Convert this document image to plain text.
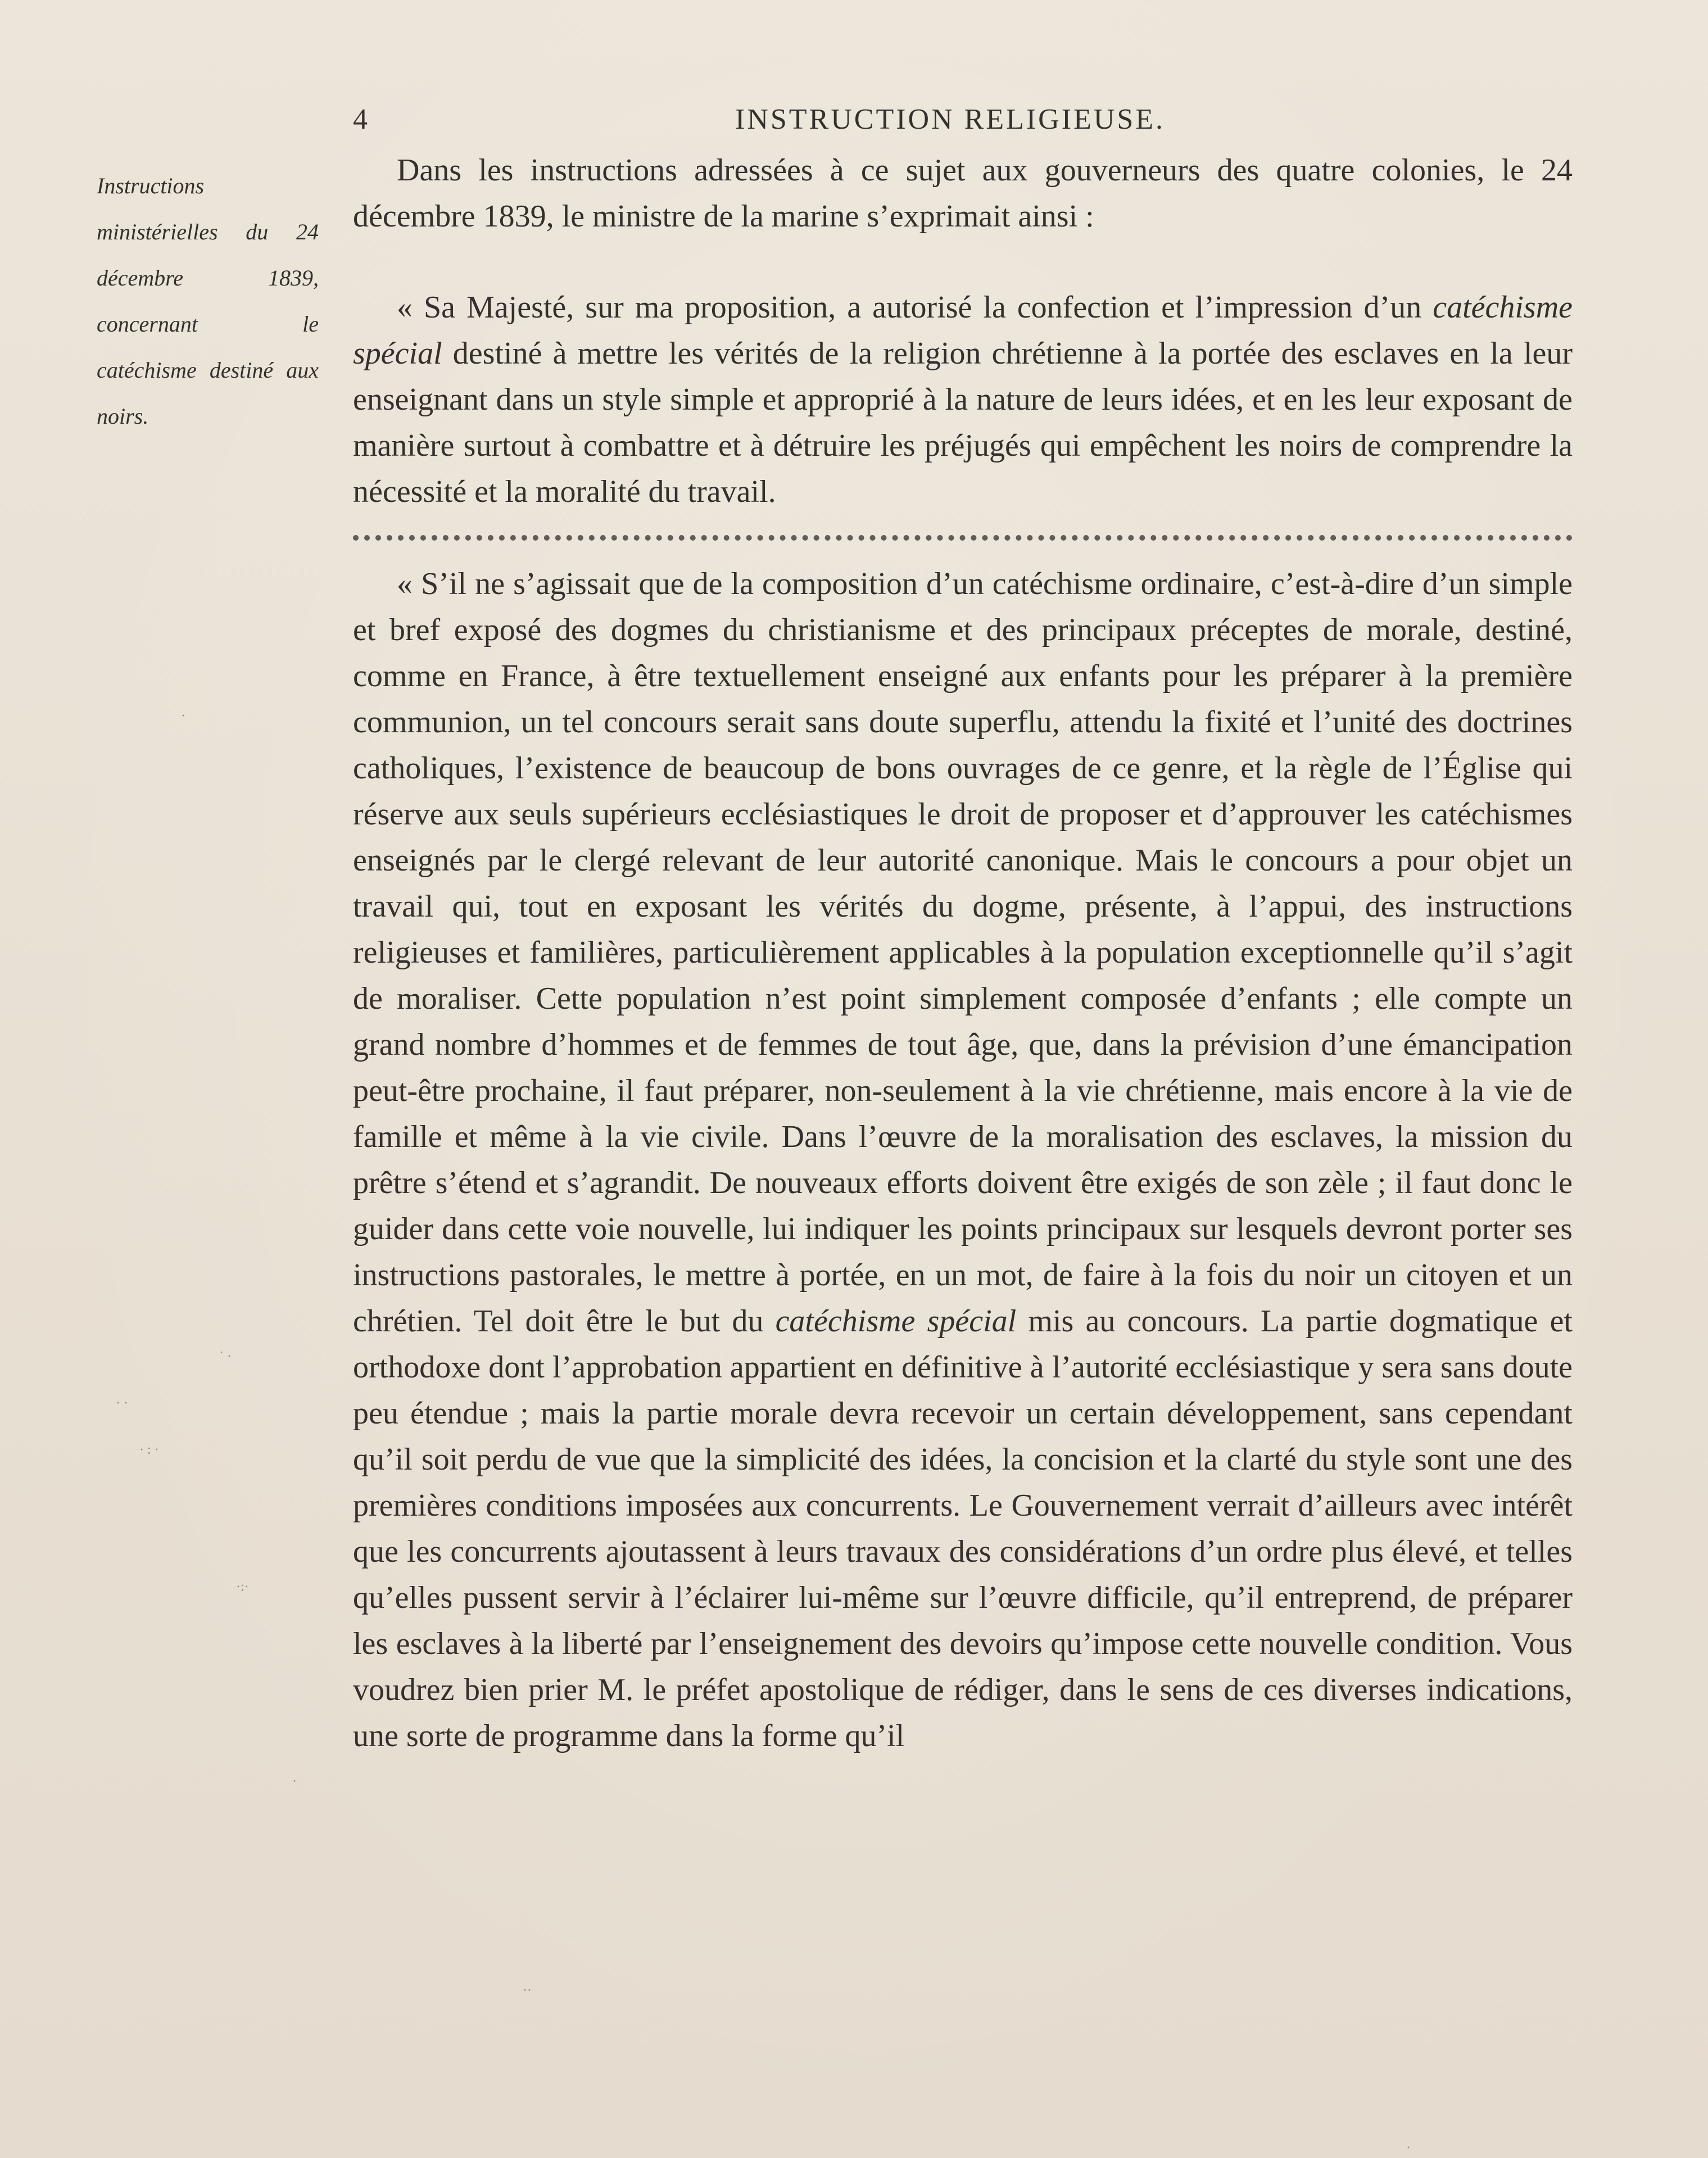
4	INSTRUCTION RELIGIEUSE.
Instructions ministérielles du 24 décembre 1839, concernant le catéchisme destiné aux noirs.

Dans les instructions adressées à ce sujet aux gouverneurs des quatre colonies, le 24 décembre 1839, le ministre de la marine s’exprimait ainsi :

« Sa Majesté, sur ma proposition, a autorisé la confection et l’impression d’un catéchisme spécial destiné à mettre les vérités de la religion chrétienne à la portée des esclaves en la leur enseignant dans un style simple et approprié à la nature de leurs idées, et en les leur exposant de manière surtout à combattre et à détruire les préjugés qui empêchent les noirs de comprendre la nécessité et la moralité du travail.

« S’il ne s’agissait que de la composition d’un catéchisme ordinaire, c’est-à-dire d’un simple et bref exposé des dogmes du christianisme et des principaux préceptes de morale, destiné, comme en France, à être textuellement enseigné aux enfants pour les préparer à la première communion, un tel concours serait sans doute superflu, attendu la fixité et l’unité des doctrines catholiques, l’existence de beaucoup de bons ouvrages de ce genre, et la règle de l’Église qui réserve aux seuls supérieurs ecclésiastiques le droit de proposer et d’approuver les catéchismes enseignés par le clergé relevant de leur autorité canonique. Mais le concours a pour objet un travail qui, tout en exposant les vérités du dogme, présente, à l’appui, des instructions religieuses et familières, particulièrement applicables à la population exceptionnelle qu’il s’agit de moraliser. Cette population n’est point simplement composée d’enfants ; elle compte un grand nombre d’hommes et de femmes de tout âge, que, dans la prévision d’une émancipation peut-être prochaine, il faut préparer, non-seulement à la vie chrétienne, mais encore à la vie de famille et même à la vie civile. Dans l’œuvre de la moralisation des esclaves, la mission du prêtre s’étend et s’agrandit. De nouveaux efforts doivent être exigés de son zèle ; il faut donc le guider dans cette voie nouvelle, lui indiquer les points principaux sur lesquels devront porter ses instructions pastorales, le mettre à portée, en un mot, de faire à la fois du noir un citoyen et un chrétien. Tel doit être le but du catéchisme spécial mis au concours. La partie dogmatique et orthodoxe dont l’approbation appartient en définitive à l’autorité ecclésiastique y sera sans doute peu étendue ; mais la partie morale devra recevoir un certain développement, sans cependant qu’il soit perdu de vue que la simplicité des idées, la concision et la clarté du style sont une des premières conditions imposées aux concurrents. Le Gouvernement verrait d’ailleurs avec intérêt que les concurrents ajoutassent à leurs travaux des considérations d’un ordre plus élevé, et telles qu’elles pussent servir à l’éclairer lui-même sur l’œuvre difficile, qu’il entreprend, de préparer les esclaves à la liberté par l’enseignement des devoirs qu’impose cette nouvelle condition. Vous voudrez bien prier M. le préfet apostolique de rédiger, dans le sens de ces diverses indications, une sorte de programme dans la forme qu’il

·
˙ ·
· ·
· : ·
·:·
·
··
·
